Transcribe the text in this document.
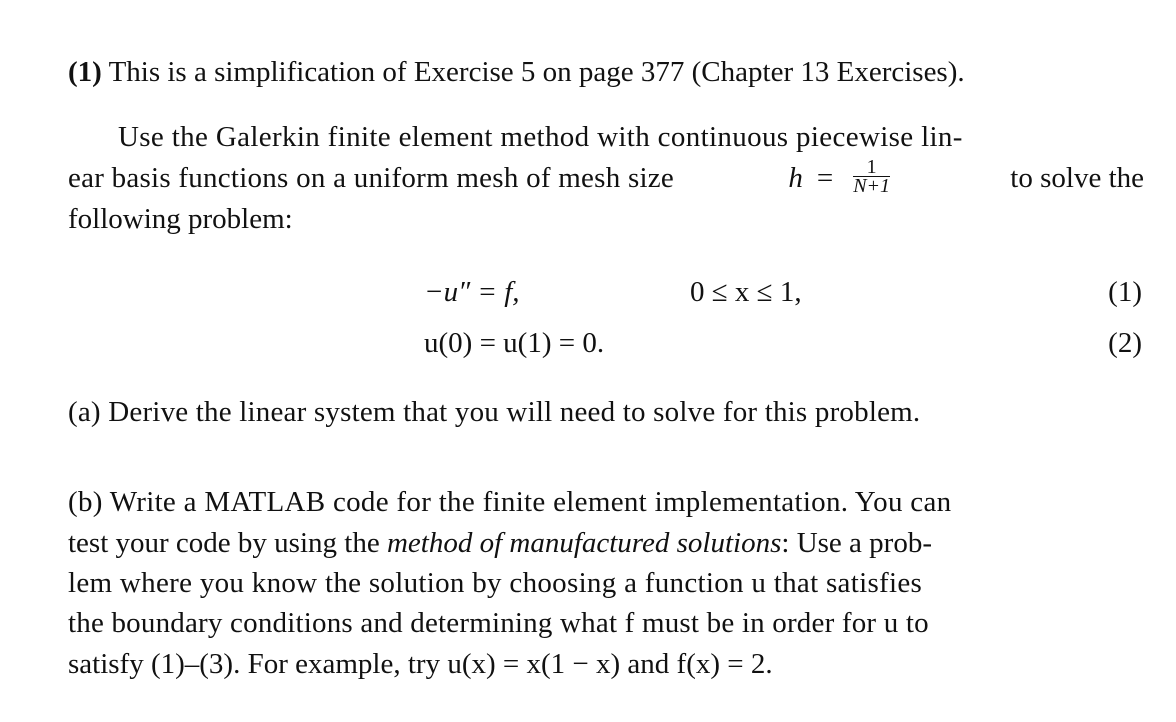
(1) This is a simplification of Exercise 5 on page 377 (Chapter 13 Exercises).
Use the Galerkin finite element method with continuous piecewise lin-
ear basis functions on a uniform mesh of mesh size	$h = \frac{1}{N+1}$	to solve the
following problem:
−u″ = f,	0 ≤ x ≤ 1,	(1)
u(0) = u(1) = 0.	(2)
(a) Derive the linear system that you will need to solve for this problem.
(b) Write a MATLAB code for the finite element implementation. You can
test your code by using the method of manufactured solutions: Use a prob-
lem where you know the solution by choosing a function u that satisfies
the boundary conditions and determining what f must be in order for u to
satisfy (1)–(3). For example, try u(x) = x(1 − x) and f(x) = 2.
